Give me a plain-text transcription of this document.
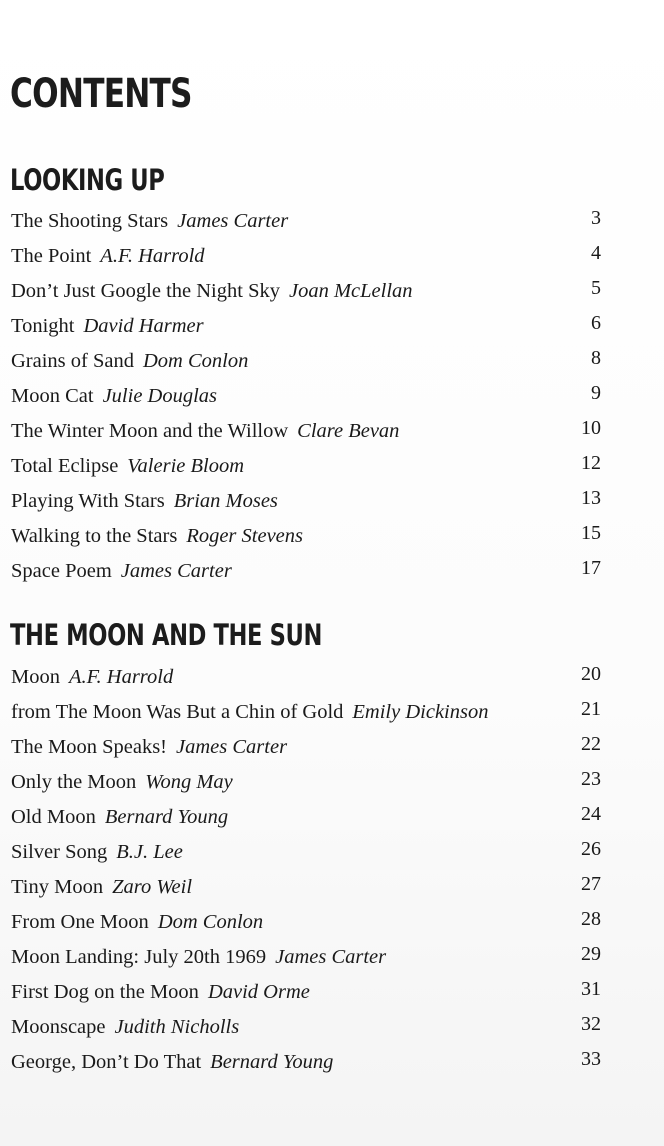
CONTENTS
LOOKING UP
The Shooting Stars James Carter	3
The Point A.F. Harrold	4
Don’t Just Google the Night Sky Joan McLellan	5
Tonight David Harmer	6
Grains of Sand Dom Conlon	8
Moon Cat Julie Douglas	9
The Winter Moon and the Willow Clare Bevan	10
Total Eclipse Valerie Bloom	12
Playing With Stars Brian Moses	13
Walking to the Stars Roger Stevens	15
Space Poem James Carter	17
THE MOON AND THE SUN
Moon A.F. Harrold	20
from The Moon Was But a Chin of Gold Emily Dickinson	21
The Moon Speaks! James Carter	22
Only the Moon Wong May	23
Old Moon Bernard Young	24
Silver Song B.J. Lee	26
Tiny Moon Zaro Weil	27
From One Moon Dom Conlon	28
Moon Landing: July 20th 1969 James Carter	29
First Dog on the Moon David Orme	31
Moonscape Judith Nicholls	32
George, Don’t Do That Bernard Young	33
